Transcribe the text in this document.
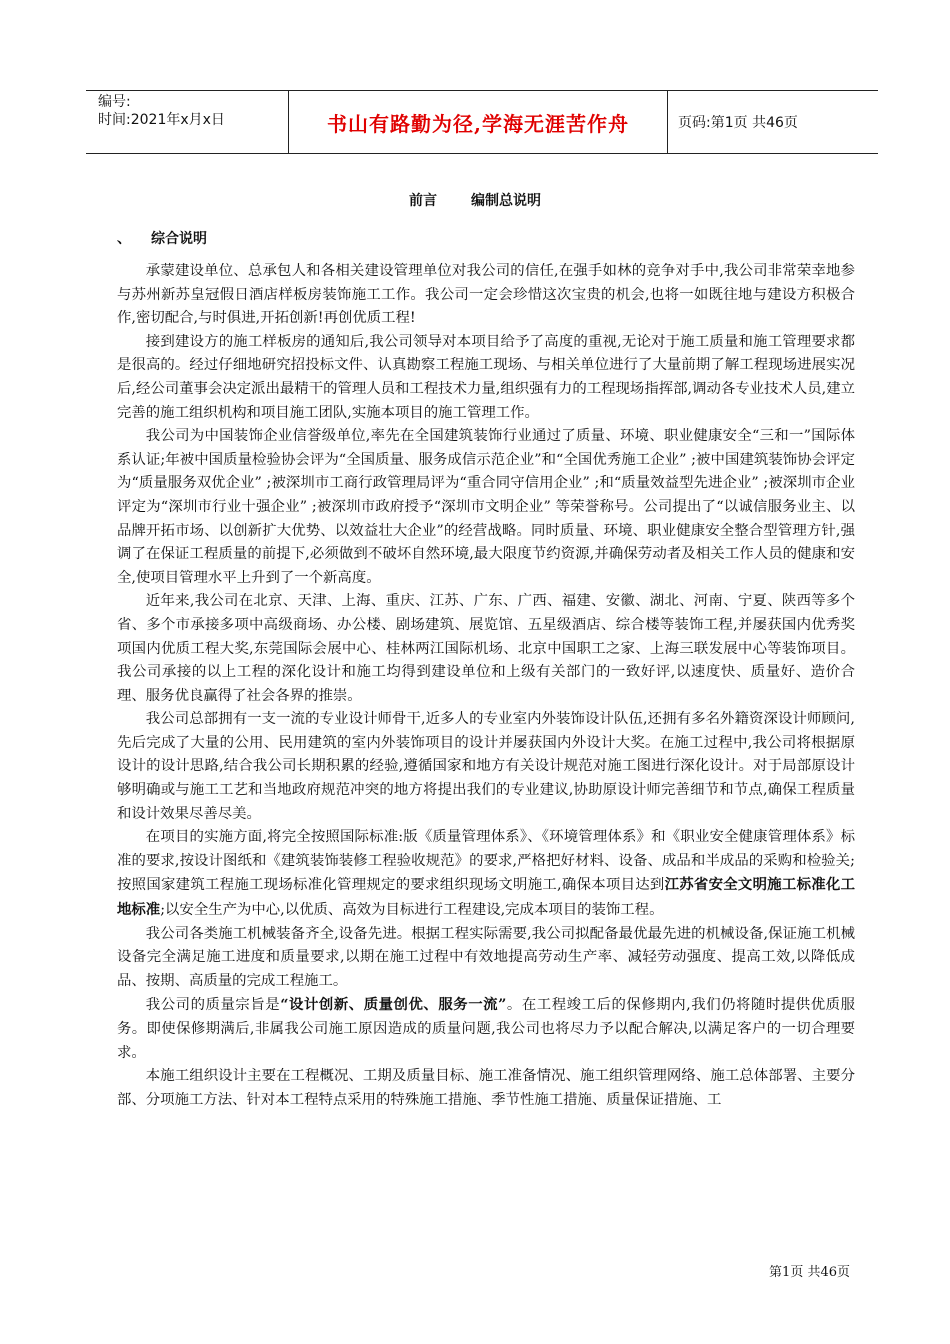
编号:
时间:2021年x月x日	书山有路勤为径,学海无涯苦作舟	页码:第1页 共46页
前言 编制总说明
、 综合说明

承蒙建设单位、总承包人和各相关建设管理单位对我公司的信任,在强手如林的竞争对手中,我公司非常荣幸地参与苏州新苏皇冠假日酒店样板房装饰施工工作。我公司一定会珍惜这次宝贵的机会,也将一如既往地与建设方积极合作,密切配合,与时俱进,开拓创新!再创优质工程!

接到建设方的施工样板房的通知后,我公司领导对本项目给予了高度的重视,无论对于施工质量和施工管理要求都是很高的。经过仔细地研究招投标文件、认真勘察工程施工现场、与相关单位进行了大量前期了解工程现场进展实况后,经公司董事会决定派出最精干的管理人员和工程技术力量,组织强有力的工程现场指挥部,调动各专业技术人员,建立完善的施工组织机构和项目施工团队,实施本项目的施工管理工作。

我公司为中国装饰企业信誉级单位,率先在全国建筑装饰行业通过了质量、环境、职业健康安全“三和一”国际体系认证;年被中国质量检验协会评为“全国质量、服务成信示范企业”和“全国优秀施工企业” ;被中国建筑装饰协会评定为“质量服务双优企业” ;被深圳市工商行政管理局评为“重合同守信用企业” ;和“质量效益型先进企业” ;被深圳市企业评定为“深圳市行业十强企业” ;被深圳市政府授予“深圳市文明企业” 等荣誉称号。公司提出了“以诚信服务业主、以品牌开拓市场、以创新扩大优势、以效益壮大企业”的经营战略。同时质量、环境、职业健康安全整合型管理方针,强调了在保证工程质量的前提下,必须做到不破坏自然环境,最大限度节约资源,并确保劳动者及相关工作人员的健康和安全,使项目管理水平上升到了一个新高度。

近年来,我公司在北京、天津、上海、重庆、江苏、广东、广西、福建、安徽、湖北、河南、宁夏、陕西等多个省、多个市承接多项中高级商场、办公楼、剧场建筑、展览馆、五星级酒店、综合楼等装饰工程,并屡获国内优秀奖项国内优质工程大奖,东莞国际会展中心、桂林两江国际机场、北京中国职工之家、上海三联发展中心等装饰项目。我公司承接的以上工程的深化设计和施工均得到建设单位和上级有关部门的一致好评,以速度快、质量好、造价合理、服务优良赢得了社会各界的推崇。

我公司总部拥有一支一流的专业设计师骨干,近多人的专业室内外装饰设计队伍,还拥有多名外籍资深设计师顾问,先后完成了大量的公用、民用建筑的室内外装饰项目的设计并屡获国内外设计大奖。在施工过程中,我公司将根据原设计的设计思路,结合我公司长期积累的经验,遵循国家和地方有关设计规范对施工图进行深化设计。对于局部原设计够明确或与施工工艺和当地政府规范冲突的地方将提出我们的专业建议,协助原设计师完善细节和节点,确保工程质量和设计效果尽善尽美。

在项目的实施方面,将完全按照国际标准:版《质量管理体系》、《环境管理体系》和《职业安全健康管理体系》标准的要求,按设计图纸和《建筑装饰装修工程验收规范》的要求,严格把好材料、设备、成品和半成品的采购和检验关;按照国家建筑工程施工现场标准化管理规定的要求组织现场文明施工,确保本项目达到江苏省安全文明施工标准化工地标准;以安全生产为中心,以优质、高效为目标进行工程建设,完成本项目的装饰工程。

我公司各类施工机械装备齐全,设备先进。根据工程实际需要,我公司拟配备最优最先进的机械设备,保证施工机械设备完全满足施工进度和质量要求,以期在施工过程中有效地提高劳动生产率、减轻劳动强度、提高工效,以降低成品、按期、高质量的完成工程施工。

我公司的质量宗旨是“设计创新、质量创优、服务一流”。在工程竣工后的保修期内,我们仍将随时提供优质服务。即使保修期满后,非属我公司施工原因造成的质量问题,我公司也将尽力予以配合解决,以满足客户的一切合理要求。

本施工组织设计主要在工程概况、工期及质量目标、施工准备情况、施工组织管理网络、施工总体部署、主要分部、分项施工方法、针对本工程特点采用的特殊施工措施、季节性施工措施、质量保证措施、工

第1页 共46页
